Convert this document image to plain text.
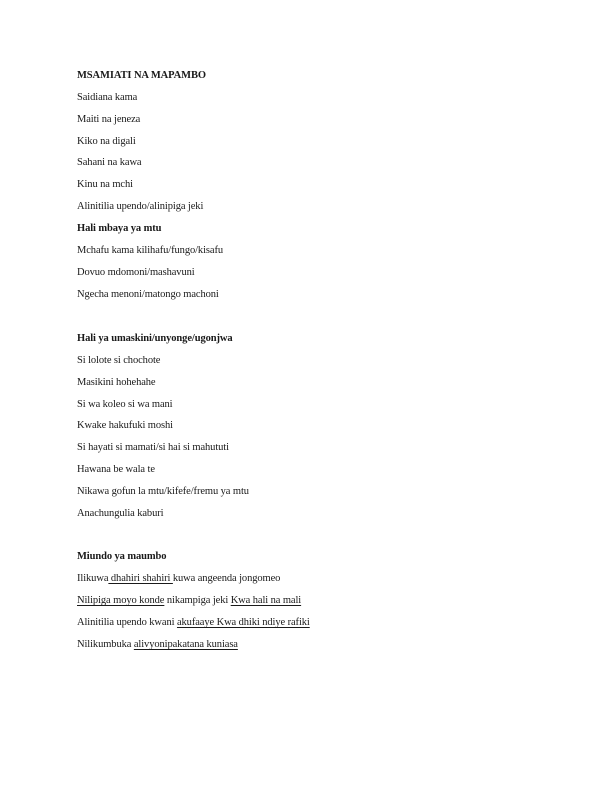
MSAMIATI NA MAPAMBO
Saidiana kama
Maiti na jeneza
Kiko na digali
Sahani na kawa
Kinu na mchi
Alinitilia upendo/alinipiga jeki
Hali mbaya ya mtu
Mchafu kama kilihafu/fungo/kisafu
Dovuo mdomoni/mashavuni
Ngecha menoni/matongo machoni
Hali ya umaskini/unyonge/ugonjwa
Si lolote si chochote
Masikini hohehahe
Si wa koleo si wa mani
Kwake hakufuki moshi
Si hayati si mamati/si hai si mahututi
Hawana be wala te
Nikawa gofun la mtu/kifefe/fremu ya mtu
Anachungulia kaburi
Miundo ya maumbo
Ilikuwa dhahiri shahiri kuwa angeenda jongomeo
Nilipiga moyo konde nikampiga jeki Kwa hali na mali
Alinitilia upendo kwani akufaaye Kwa dhiki ndiye rafiki
Nilikumbuka alivyonipakatana kuniasa
